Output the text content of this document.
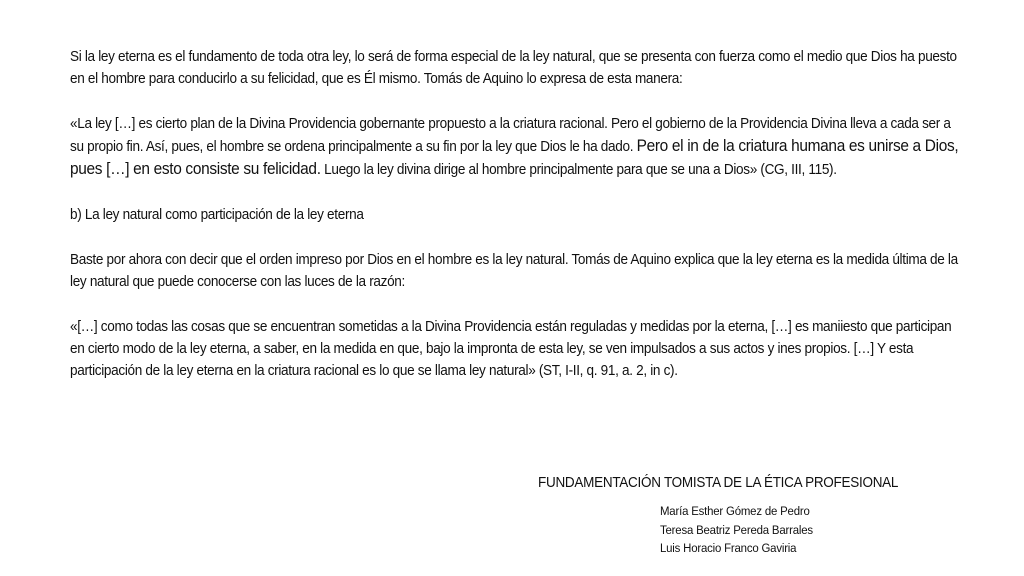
Si la ley eterna es el fundamento de toda otra ley, lo será de forma especial de la ley natural, que se presenta con fuerza como el medio que Dios ha puesto en el hombre para conducirlo a su felicidad, que es Él mismo. Tomás de Aquino lo expresa de esta manera:

«La ley […] es cierto plan de la Divina Providencia gobernante propuesto a la criatura racional. Pero el gobierno de la Providencia Divina lleva a cada ser a su propio fin. Así, pues, el hombre se ordena principalmente a su fin por la ley que Dios le ha dado. Pero el in de la criatura humana es unirse a Dios, pues […] en esto consiste su felicidad. Luego la ley divina dirige al hombre principalmente para que se una a Dios» (CG, III, 115).

b) La ley natural como participación de la ley eterna

Baste por ahora con decir que el orden impreso por Dios en el hombre es la ley natural. Tomás de Aquino explica que la ley eterna es la medida última de la ley natural que puede conocerse con las luces de la razón:

«[…] como todas las cosas que se encuentran sometidas a la Divina Providencia están reguladas y medidas por la eterna, […] es maniiesto que participan en cierto modo de la ley eterna, a saber, en la medida en que, bajo la impronta de esta ley, se ven impulsados a sus actos y ines propios. […] Y esta participación de la ley eterna en la criatura racional es lo que se llama ley natural» (ST, I-II, q. 91, a. 2, in c).

FUNDAMENTACIÓN TOMISTA DE LA ÉTICA PROFESIONAL
María Esther Gómez de Pedro
Teresa Beatriz Pereda Barrales
Luis Horacio Franco Gaviria
